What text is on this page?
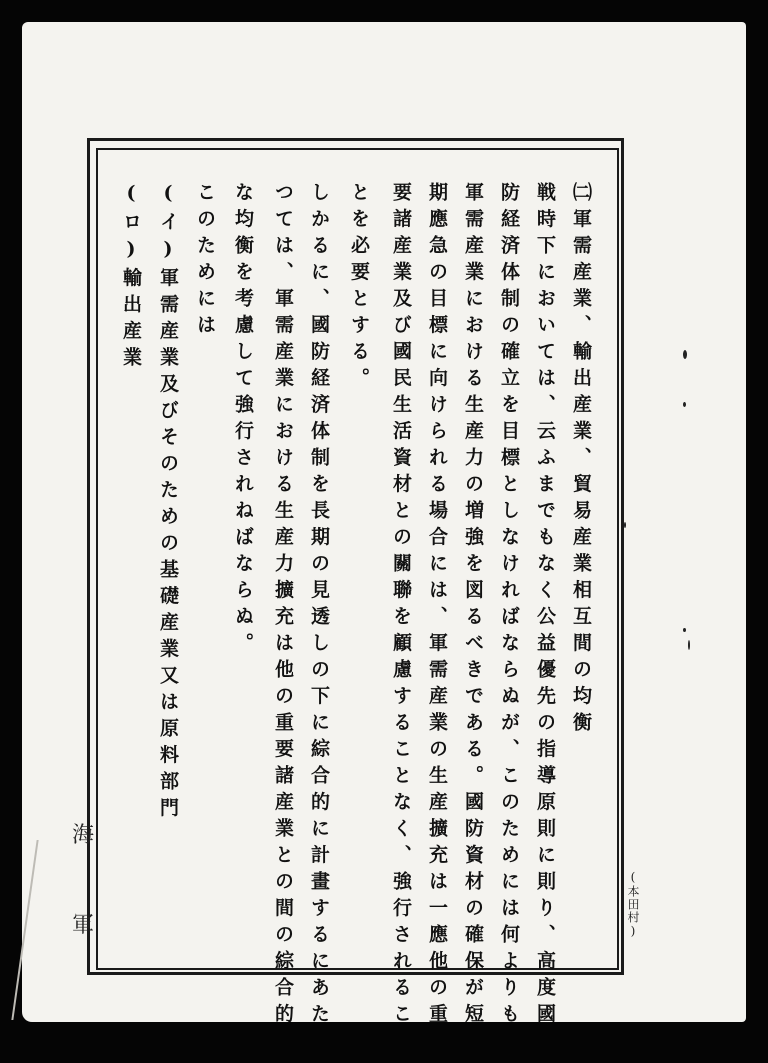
㈡軍需産業、輸出産業、貿易産業相互間の均衡
戦時下においては、云ふまでもなく公益優先の指導原則に則り、高度國
防経済体制の確立を目標としなければならぬが、このためには何よりも
軍需産業における生産力の増強を図るべきである。國防資材の確保が短
期應急の目標に向けられる場合には、軍需産業の生産擴充は一應他の重
要諸産業及び國民生活資材との關聯を顧慮することなく、強行されるこ
とを必要とする。
しかるに、國防経済体制を長期の見透しの下に綜合的に計畫するにあた
つては、軍需産業における生産力擴充は他の重要諸産業との間の綜合的
な均衡を考慮して強行されねばならぬ。
このためには
(イ)軍需産業及びそのための基礎産業又は原料部門
(ロ)輸出産業
海
軍	(本田村)
